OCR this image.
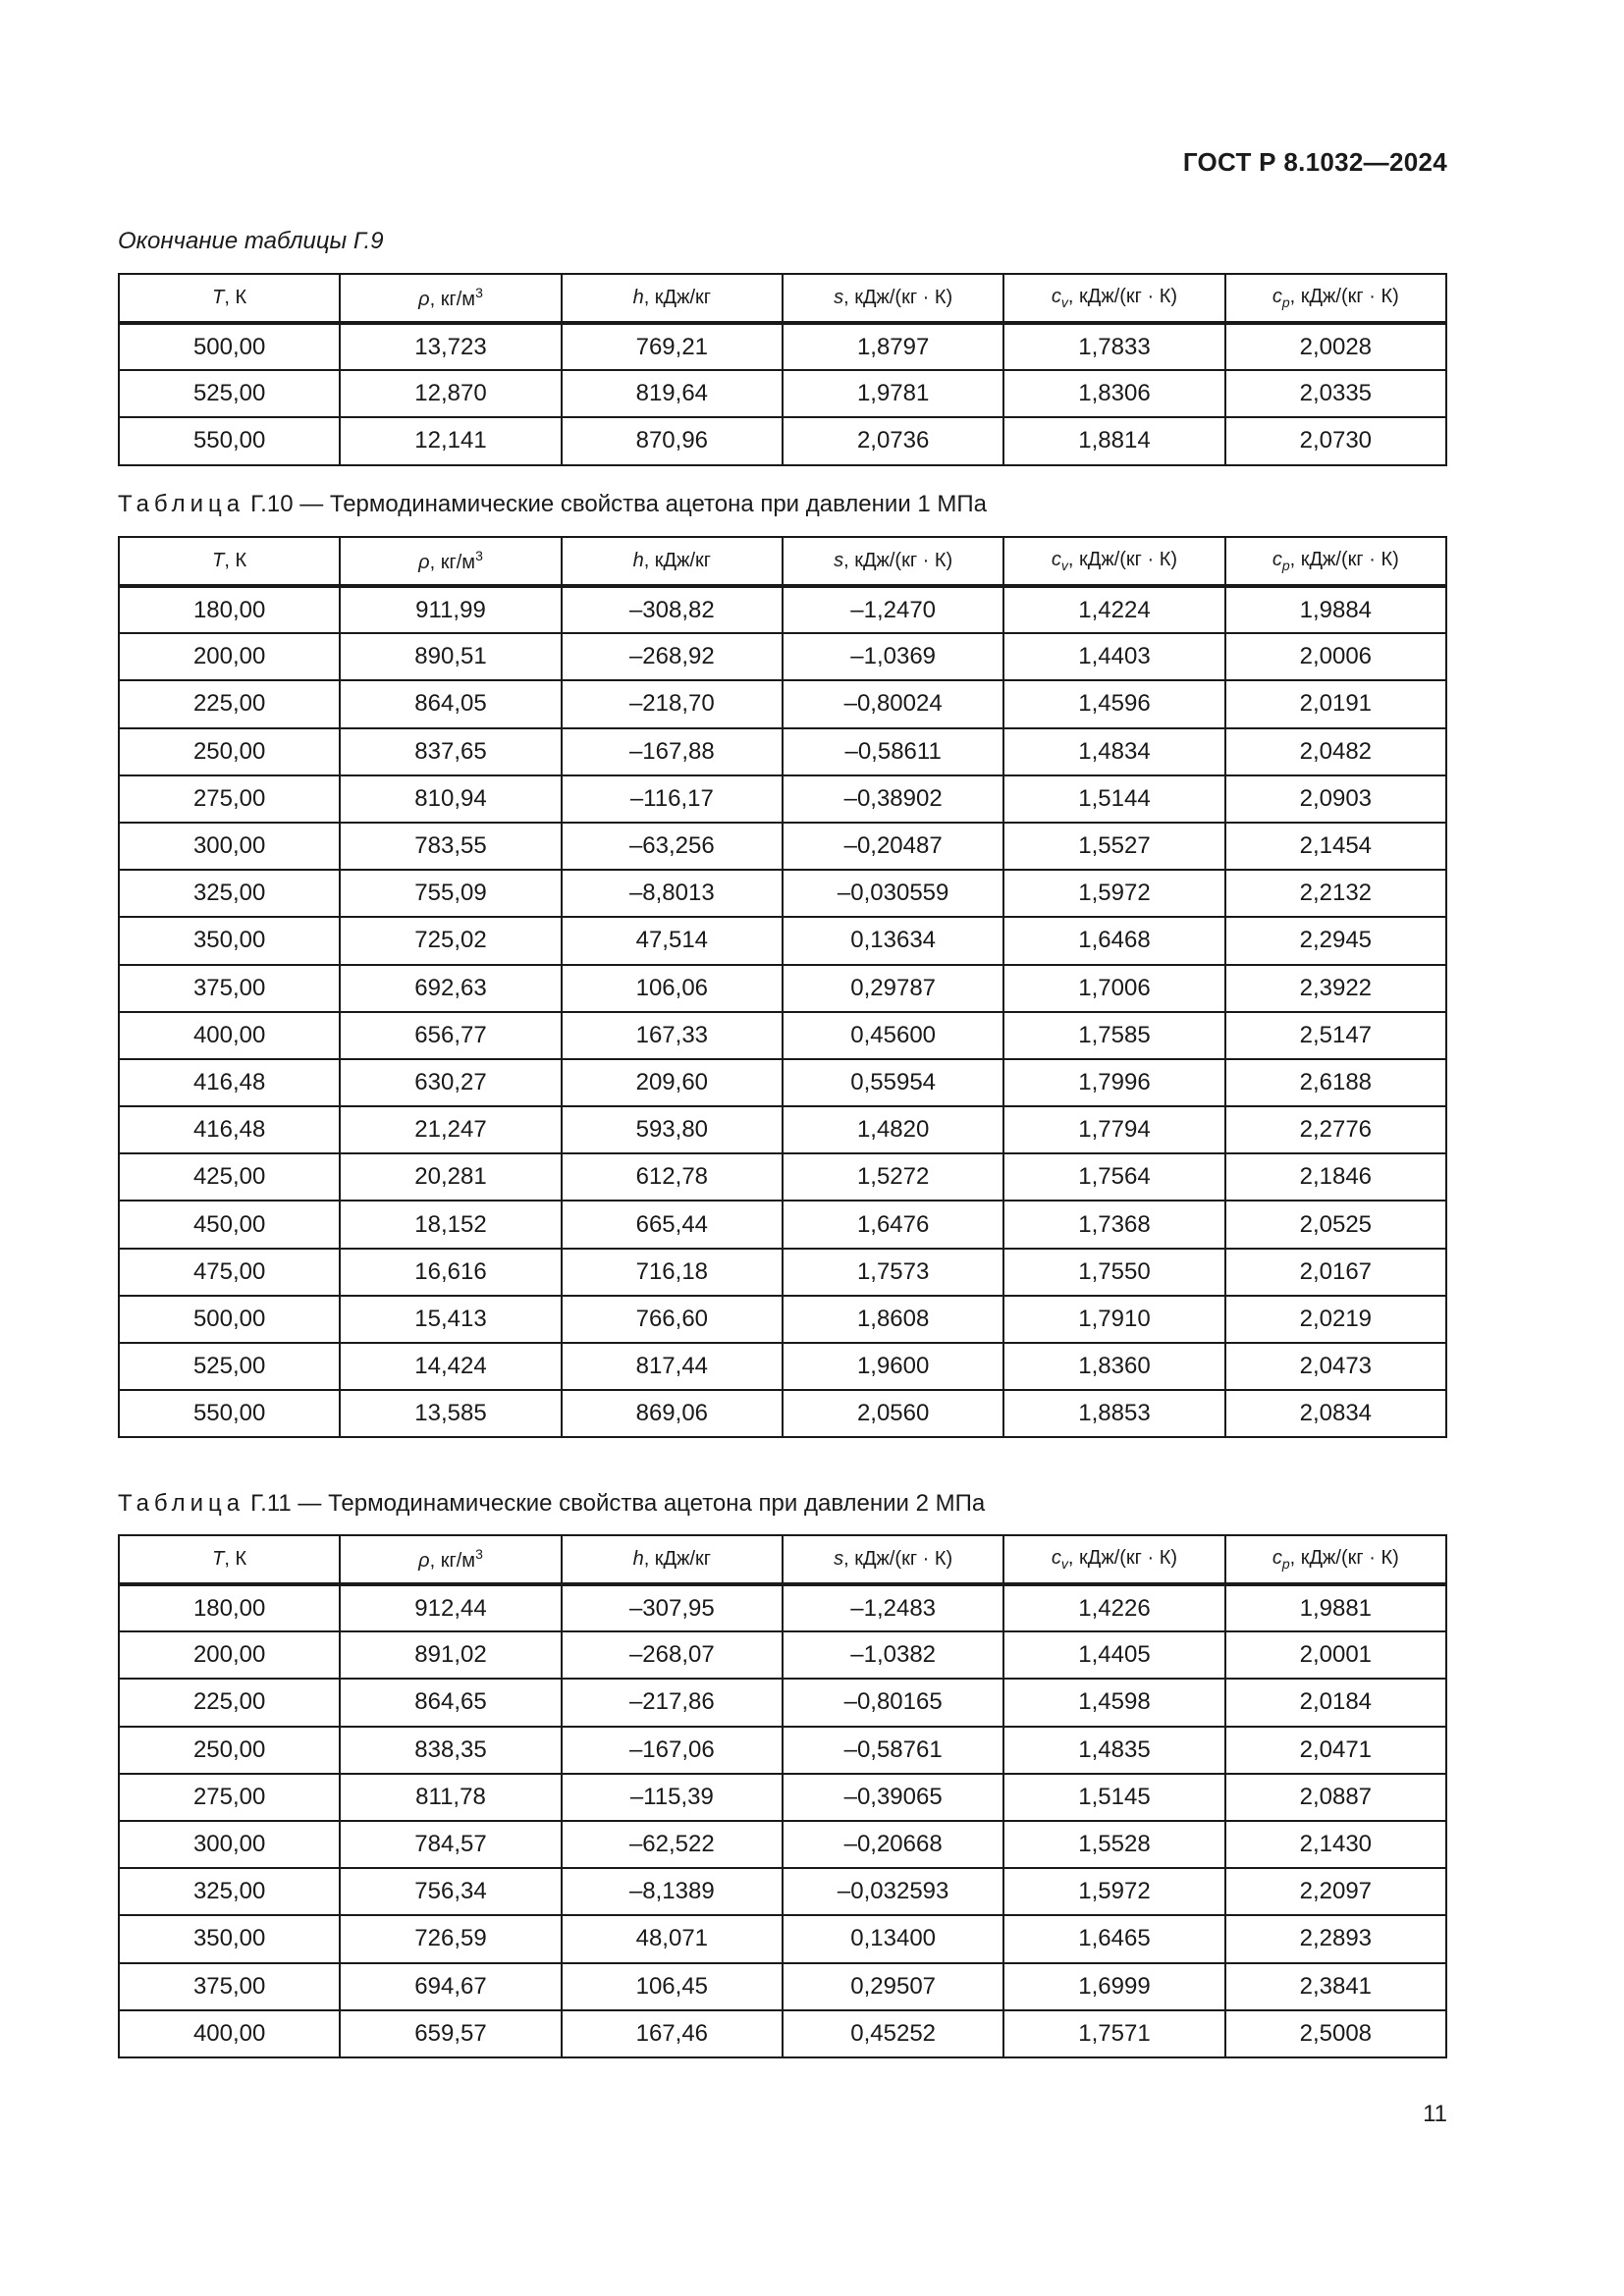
ГОСТ Р 8.1032—2024
Окончание таблицы Г.9
T, К	ρ, $кг/м^3$	h, кДж/кг	s, кДж/(кг · К)	$c_v$, кДж/(кг · К)	$c_p$, кДж/(кг · К)
500,00	13,723	769,21	1,8797	1,7833	2,0028
525,00	12,870	819,64	1,9781	1,8306	2,0335
550,00	12,141	870,96	2,0736	1,8814	2,0730
Таблица Г.10 — Термодинамические свойства ацетона при давлении 1 МПа
T, К	ρ, $кг/м^3$	h, кДж/кг	s, кДж/(кг · К)	$c_v$, кДж/(кг · К)	$c_p$, кДж/(кг · К)
180,00	911,99	–308,82	–1,2470	1,4224	1,9884
200,00	890,51	–268,92	–1,0369	1,4403	2,0006
225,00	864,05	–218,70	–0,80024	1,4596	2,0191
250,00	837,65	–167,88	–0,58611	1,4834	2,0482
275,00	810,94	–116,17	–0,38902	1,5144	2,0903
300,00	783,55	–63,256	–0,20487	1,5527	2,1454
325,00	755,09	–8,8013	–0,030559	1,5972	2,2132
350,00	725,02	47,514	0,13634	1,6468	2,2945
375,00	692,63	106,06	0,29787	1,7006	2,3922
400,00	656,77	167,33	0,45600	1,7585	2,5147
416,48	630,27	209,60	0,55954	1,7996	2,6188
416,48	21,247	593,80	1,4820	1,7794	2,2776
425,00	20,281	612,78	1,5272	1,7564	2,1846
450,00	18,152	665,44	1,6476	1,7368	2,0525
475,00	16,616	716,18	1,7573	1,7550	2,0167
500,00	15,413	766,60	1,8608	1,7910	2,0219
525,00	14,424	817,44	1,9600	1,8360	2,0473
550,00	13,585	869,06	2,0560	1,8853	2,0834
Таблица Г.11 — Термодинамические свойства ацетона при давлении 2 МПа
T, К	ρ, $кг/м^3$	h, кДж/кг	s, кДж/(кг · К)	$c_v$, кДж/(кг · К)	$c_p$, кДж/(кг · К)
180,00	912,44	–307,95	–1,2483	1,4226	1,9881
200,00	891,02	–268,07	–1,0382	1,4405	2,0001
225,00	864,65	–217,86	–0,80165	1,4598	2,0184
250,00	838,35	–167,06	–0,58761	1,4835	2,0471
275,00	811,78	–115,39	–0,39065	1,5145	2,0887
300,00	784,57	–62,522	–0,20668	1,5528	2,1430
325,00	756,34	–8,1389	–0,032593	1,5972	2,2097
350,00	726,59	48,071	0,13400	1,6465	2,2893
375,00	694,67	106,45	0,29507	1,6999	2,3841
400,00	659,57	167,46	0,45252	1,7571	2,5008
11
